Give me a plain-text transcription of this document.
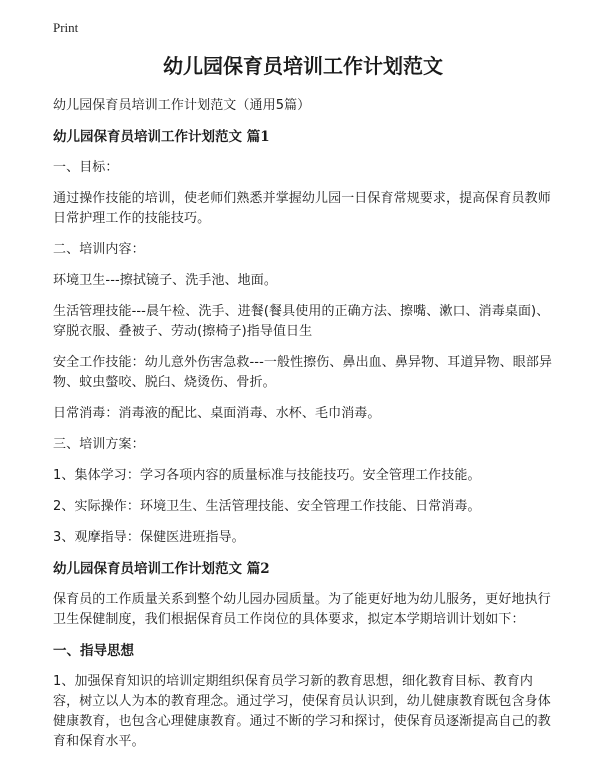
Print
幼儿园保育员培训工作计划范文
幼儿园保育员培训工作计划范文（通用5篇）
幼儿园保育员培训工作计划范文 篇1
一、目标：
通过操作技能的培训，使老师们熟悉并掌握幼儿园一日保育常规要求，提高保育员教师日常护理工作的技能技巧。
二、培训内容：
环境卫生---擦拭镜子、洗手池、地面。
生活管理技能---晨午检、洗手、进餐(餐具使用的正确方法、擦嘴、漱口、消毒桌面)、穿脱衣服、叠被子、劳动(擦椅子)指导值日生
安全工作技能：幼儿意外伤害急救---一般性擦伤、鼻出血、鼻异物、耳道异物、眼部异物、蚊虫螫咬、脱臼、烧烫伤、骨折。
日常消毒：消毒液的配比、桌面消毒、水杯、毛巾消毒。
三、培训方案：
1、集体学习：学习各项内容的质量标准与技能技巧。安全管理工作技能。
2、实际操作：环境卫生、生活管理技能、安全管理工作技能、日常消毒。
3、观摩指导：保健医进班指导。
幼儿园保育员培训工作计划范文 篇2
保育员的工作质量关系到整个幼儿园办园质量。为了能更好地为幼儿服务，更好地执行卫生保健制度，我们根据保育员工作岗位的具体要求，拟定本学期培训计划如下：
一、指导思想
1、加强保育知识的培训定期组织保育员学习新的教育思想，细化教育目标、教育内容，树立以人为本的教育理念。通过学习，使保育员认识到，幼儿健康教育既包含身体健康教育，也包含心理健康教育。通过不断的学习和探讨，使保育员逐渐提高自己的教育和保育水平。
